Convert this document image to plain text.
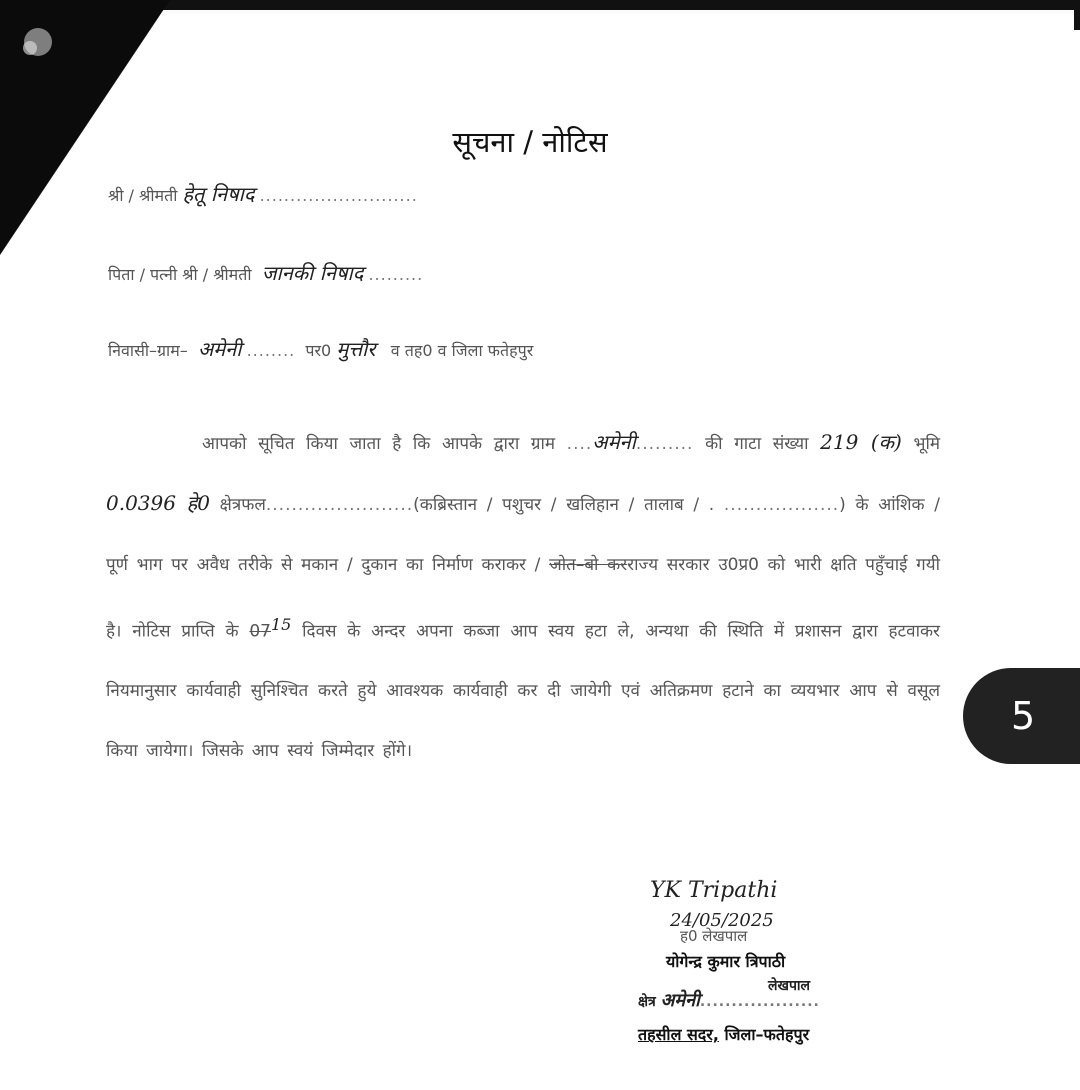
सूचना / नोटिस
श्री / श्रीमती हेतू निषाद ..........................
पिता / पत्नी श्री / श्रीमती जानकी निषाद .........
निवासी–ग्राम– अमेनी ........ पर0 मुत्तौर व तह0 व जिला फतेहपुर
आपको सूचित किया जाता है कि आपके द्वारा ग्राम ....अमेनी......... की गाटा संख्या 219 (क) भूमि 0.0396 हे0 क्षेत्रफल.......................(कब्रिस्तान / पशुचर / खलिहान / तालाब / . ..................) के आंशिक / पूर्ण भाग पर अवैध तरीके से मकान / दुकान का निर्माण कराकर / जोत–बो करराज्य सरकार उ0प्र0 को भारी क्षति पहुँचाई गयी है। नोटिस प्राप्ति के $07^{15}$ दिवस के अन्दर अपना कब्जा आप स्वय हटा ले, अन्यथा की स्थिति में प्रशासन द्वारा हटवाकर नियमानुसार कार्यवाही सुनिश्चित करते हुये आवश्यक कार्यवाही कर दी जायेगी एवं अतिक्रमण हटाने का व्ययभार आप से वसूल किया जायेगा। जिसके आप स्वयं जिम्मेदार होंगे।
YK Tripathi
24/05/2025
ह0 लेखपाल
योगेन्द्र कुमार त्रिपाठी
लेखपाल
क्षेत्र अमेनी...................
तहसील सदर, जिला–फतेहपुर
5
